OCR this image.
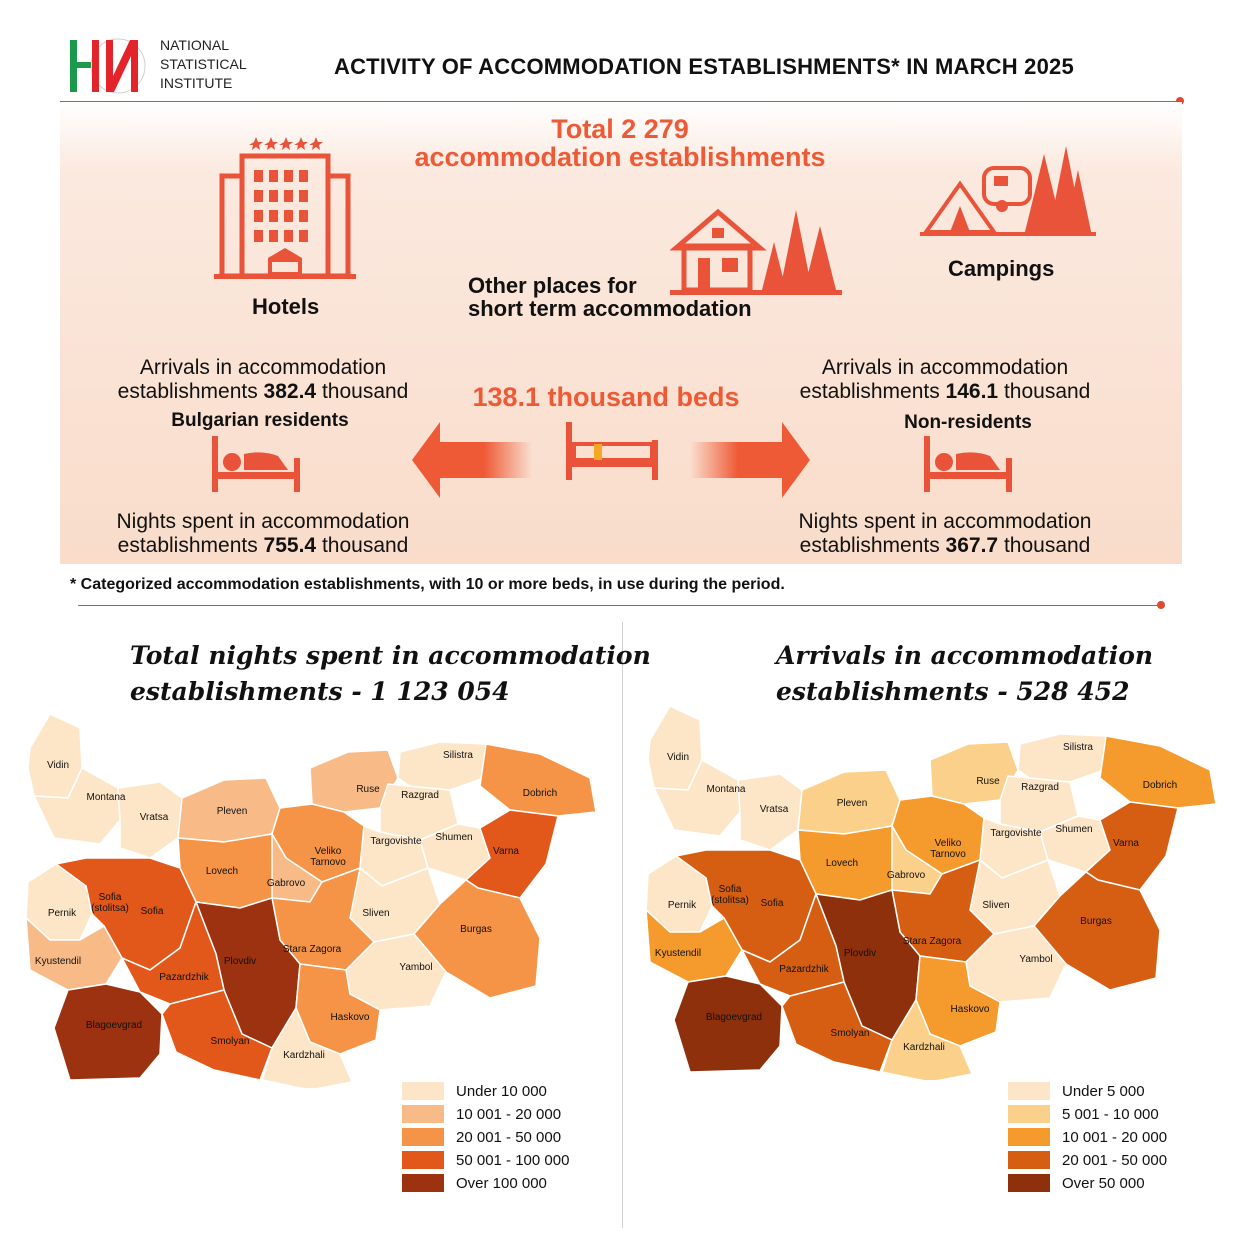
NATIONAL
STATISTICAL
INSTITUTE
ACTIVITY OF ACCOMMODATION ESTABLISHMENTS* IN MARCH 2025
Total 2 279
accommodation establishments
Hotels
Other places for
short term accommodation
Campings
Arrivals in accommodation
establishments 382.4 thousand
Bulgarian residents
Nights spent in accommodation
establishments 755.4 thousand
138.1 thousand beds
Arrivals in accommodation
establishments 146.1 thousand
Non-residents
Nights spent in accommodation
establishments 367.7 thousand
* Categorized accommodation establishments, with 10 or more beds, in use during the period.
Total nights spent in accommodation
establishments - 1 123 054
Arrivals in accommodation
establishments - 528 452
Vidin
Montana
Vratsa
Pleven
Ruse
Silistra
Razgrad	Dobrich
Veliko Tarnovo
Targovishte Shumen
Varna
Lovech
Gabrovo
Sofia (stolitsa) Sofia
Pernik
Kyustendil
Sliven
Burgas
Stara Zagora
Yambol
Plovdiv
Pazardzhik
Blagoevgrad
Smolyan
Haskovo
Kardzhali
Vidin
Montana
Vratsa
Pleven
Ruse
Silistra
Razgrad	Dobrich
Veliko Tarnovo
Targovishte Shumen
Varna
Lovech
Gabrovo
Sofia (stolitsa) Sofia
Pernik
Kyustendil
Sliven
Burgas
Stara Zagora
Yambol
Plovdiv
Pazardzhik
Blagoevgrad
Smolyan
Haskovo
Kardzhali
Under 10 000
10 001 - 20 000
20 001 - 50 000
50 001 - 100 000
Over 100 000
Under 5 000
5 001 - 10 000
10 001 - 20 000
20 001 - 50 000
Over 50 000
